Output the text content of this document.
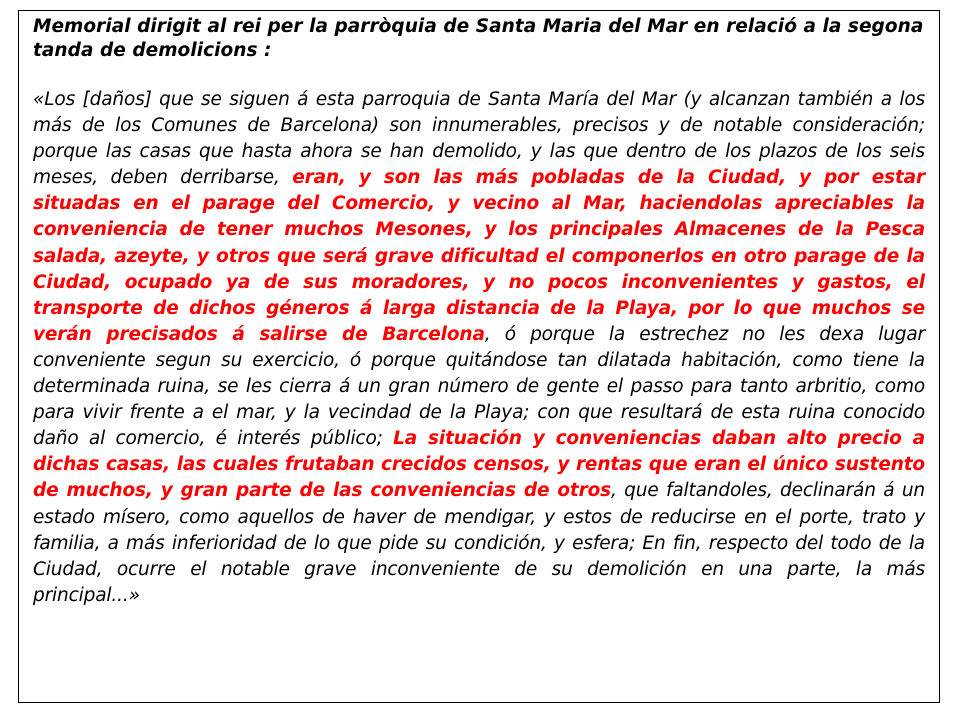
Memorial dirigit al rei per la parròquia de Santa Maria del Mar en relació a la segona tanda de demolicions :

«Los [daños] que se siguen á esta parroquia de Santa María del Mar (y alcanzan también a los más de los Comunes de Barcelona) son innumerables, precisos y de notable consideración; porque las casas que hasta ahora se han demolido, y las que dentro de los plazos de los seis meses, deben derribarse, eran, y son las más pobladas de la Ciudad, y por estar situadas en el parage del Comercio, y vecino al Mar, haciendolas apreciables la conveniencia de tener muchos Mesones, y los principales Almacenes de la Pesca salada, azeyte, y otros que será grave dificultad el componerlos en otro parage de la Ciudad, ocupado ya de sus moradores, y no pocos inconvenientes y gastos, el transporte de dichos géneros á larga distancia de la Playa, por lo que muchos se verán precisados á salirse de Barcelona, ó porque la estrechez no les dexa lugar conveniente segun su exercicio, ó porque quitándose tan dilatada habitación, como tiene la determinada ruina, se les cierra á un gran número de gente el passo para tanto arbritio, como para vivir frente a el mar, y la vecindad de la Playa; con que resultará de esta ruina conocido daño al comercio, é interés público; La situación y conveniencias daban alto precio a dichas casas, las cuales frutaban crecidos censos, y rentas que eran el único sustento de muchos, y gran parte de las conveniencias de otros, que faltandoles, declinarán á un estado mísero, como aquellos de haver de mendigar, y estos de reducirse en el porte, trato y familia, a más inferioridad de lo que pide su condición, y esfera; En fin, respecto del todo de la Ciudad, ocurre el notable grave inconveniente de su demolición en una parte, la más principal...»
